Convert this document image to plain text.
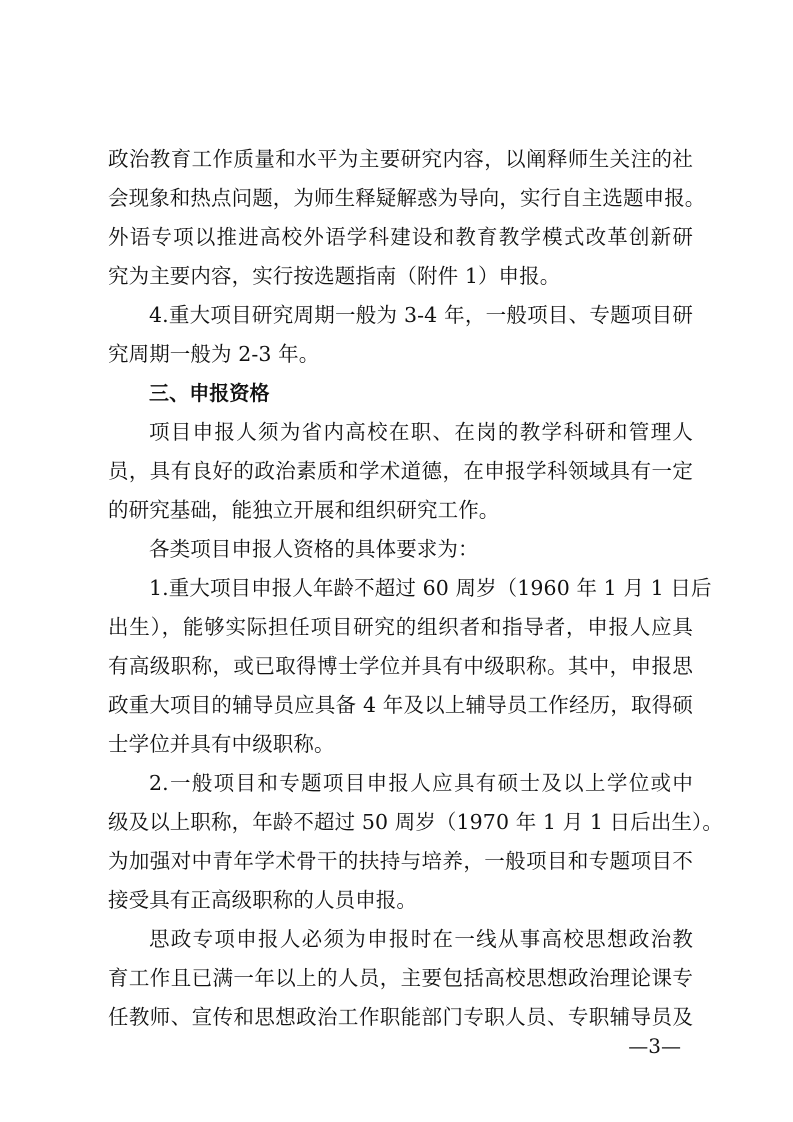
政治教育工作质量和水平为主要研究内容，以阐释师生关注的社
会现象和热点问题，为师生释疑解惑为导向，实行自主选题申报。
外语专项以推进高校外语学科建设和教育教学模式改革创新研
究为主要内容，实行按选题指南（附件 1）申报。
4.重大项目研究周期一般为 3-4 年，一般项目、专题项目研
究周期一般为 2-3 年。
三、申报资格
项目申报人须为省内高校在职、在岗的教学科研和管理人
员，具有良好的政治素质和学术道德，在申报学科领域具有一定
的研究基础，能独立开展和组织研究工作。
各类项目申报人资格的具体要求为：
1.重大项目申报人年龄不超过 60 周岁（1960 年 1 月 1 日后
出生），能够实际担任项目研究的组织者和指导者，申报人应具
有高级职称，或已取得博士学位并具有中级职称。其中，申报思
政重大项目的辅导员应具备 4 年及以上辅导员工作经历，取得硕
士学位并具有中级职称。
2.一般项目和专题项目申报人应具有硕士及以上学位或中
级及以上职称，年龄不超过 50 周岁（1970 年 1 月 1 日后出生）。
为加强对中青年学术骨干的扶持与培养，一般项目和专题项目不
接受具有正高级职称的人员申报。
思政专项申报人必须为申报时在一线从事高校思想政治教
育工作且已满一年以上的人员，主要包括高校思想政治理论课专
任教师、宣传和思想政治工作职能部门专职人员、专职辅导员及
—3—
